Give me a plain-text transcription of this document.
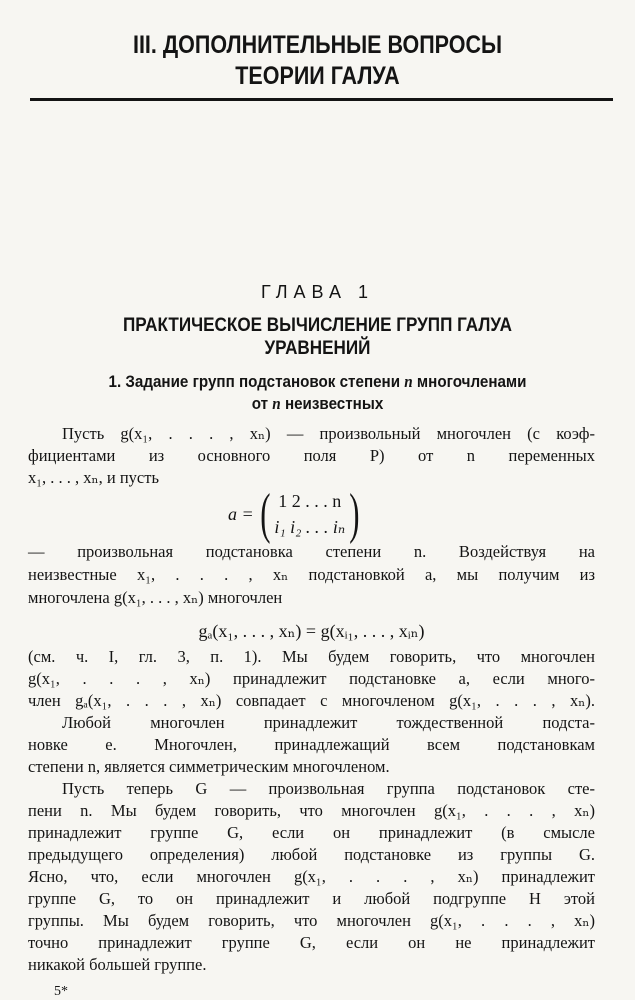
III. ДОПОЛНИТЕЛЬНЫЕ ВОПРОСЫ
ТЕОРИИ ГАЛУА
ГЛАВА 1
ПРАКТИЧЕСКОЕ ВЫЧИСЛЕНИЕ ГРУПП ГАЛУА
УРАВНЕНИЙ
1. Задание групп подстановок степени n многочленами
от n неизвестных
Пусть g(x₁, . . . , xₙ) — произвольный многочлен (с коэф-
фициентами из основного поля P) от n переменных
x₁, . . . , xₙ, и пусть
a = ( 1 2 . . . n
i₁ i₂ . . . iₙ )
— произвольная подстановка степени n. Воздействуя на
неизвестные x₁, . . . , xₙ подстановкой a, мы получим из
многочлена g(x₁, . . . , xₙ) многочлен
gₐ(x₁, . . . , xₙ) = g(xᵢ₁, . . . , xᵢₙ)
(см. ч. I, гл. 3, п. 1). Мы будем говорить, что многочлен
g(x₁, . . . , xₙ) принадлежит подстановке a, если много-
член gₐ(x₁, . . . , xₙ) совпадает с многочленом g(x₁, . . . , xₙ).
Любой многочлен принадлежит тождественной подста-
новке e. Многочлен, принадлежащий всем подстановкам
степени n, является симметрическим многочленом.
Пусть теперь G — произвольная группа подстановок сте-
пени n. Мы будем говорить, что многочлен g(x₁, . . . , xₙ)
принадлежит группе G, если он принадлежит (в смысле
предыдущего определения) любой подстановке из группы G.
Ясно, что, если многочлен g(x₁, . . . , xₙ) принадлежит
группе G, то он принадлежит и любой подгруппе H этой
группы. Мы будем говорить, что многочлен g(x₁, . . . , xₙ)
точно принадлежит группе G, если он не принадлежит
никакой большей группе.
5*
